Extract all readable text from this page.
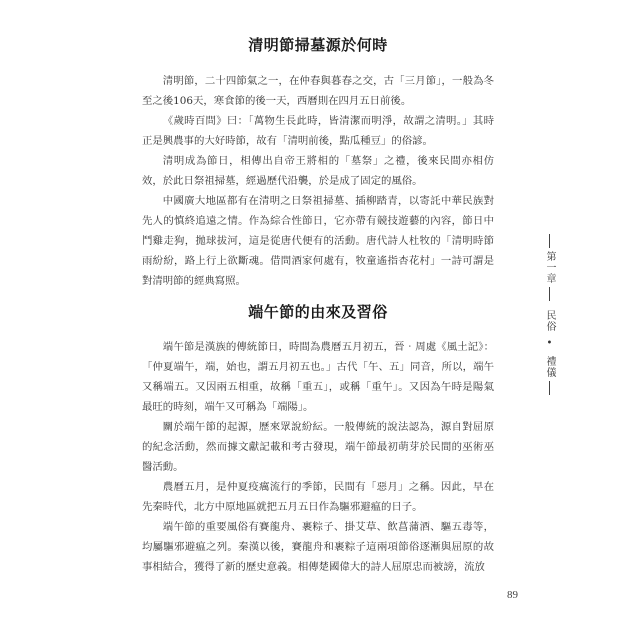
清明節掃墓源於何時

清明節，二十四節氣之一，在仲春與暮春之交，古「三月節」，一般為冬至之後106天，寒食節的後一天，西曆則在四月五日前後。

《歲時百問》曰：「萬物生長此時，皆清潔而明淨，故謂之清明。」其時正是興農事的大好時節，故有「清明前後，點瓜種豆」的俗諺。

清明成為節日，相傳出自帝王將相的「墓祭」之禮，後來民間亦相仿效，於此日祭祖掃墓，經過歷代沿襲，於是成了固定的風俗。

中國廣大地區都有在清明之日祭祖掃墓、插柳踏青，以寄託中華民族對先人的慎終追遠之情。作為綜合性節日，它亦帶有競技遊藝的內容，節日中鬥雞走狗，拋球拔河，這是從唐代便有的活動。唐代詩人杜牧的「清明時節雨紛紛，路上行上欲斷魂。借問酒家何處有，牧童遙指杏花村」一詩可謂是對清明節的經典寫照。

端午節的由來及習俗

端午節是漢族的傳統節日，時間為農曆五月初五，晉‧周處《風土記》：「仲夏端午，端，始也，謂五月初五也。」古代「午、五」同音，所以，端午又稱端五。又因兩五相重，故稱「重五」，或稱「重午」。又因為午時是陽氣最旺的時刻，端午又可稱為「端陽」。

關於端午節的起源，歷來眾說紛紜。一般傳統的說法認為，源自對屈原的紀念活動，然而據文獻記載和考古發現，端午節最初萌芽於民間的巫術巫醫活動。

農曆五月，是仲夏疫癘流行的季節，民間有「惡月」之稱。因此，早在先秦時代，北方中原地區就把五月五日作為驅邪避瘟的日子。

端午節的重要風俗有賽龍舟、裹粽子、掛艾草、飲菖蒲酒、驅五毒等，均屬驅邪避瘟之列。秦漢以後，賽龍舟和裹粽子這兩項節俗逐漸與屈原的故事相結合，獲得了新的歷史意義。相傳楚國偉大的詩人屈原忠而被謗，流放

第一章
民俗
•
禮儀
89
